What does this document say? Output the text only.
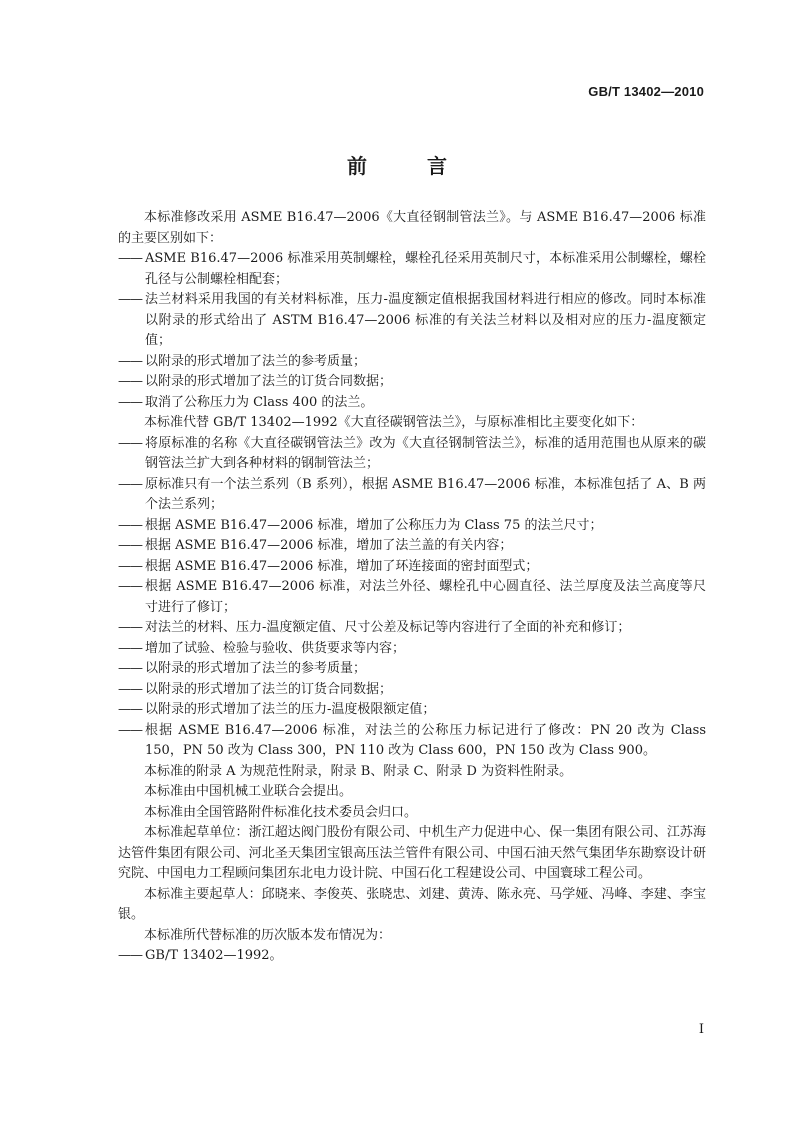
GB/T 13402—2010
前　言
本标准修改采用 ASME B16.47—2006《大直径钢制管法兰》。与 ASME B16.47—2006 标准的主要区别如下：
—— ASME B16.47—2006 标准采用英制螺栓，螺栓孔径采用英制尺寸，本标准采用公制螺栓，螺栓孔径与公制螺栓相配套；
—— 法兰材料采用我国的有关材料标准，压力-温度额定值根据我国材料进行相应的修改。同时本标准以附录的形式给出了 ASTM B16.47—2006 标准的有关法兰材料以及相对应的压力-温度额定值；
—— 以附录的形式增加了法兰的参考质量；
—— 以附录的形式增加了法兰的订货合同数据；
—— 取消了公称压力为 Class 400 的法兰。
本标准代替 GB/T 13402—1992《大直径碳钢管法兰》，与原标准相比主要变化如下：
—— 将原标准的名称《大直径碳钢管法兰》改为《大直径钢制管法兰》，标准的适用范围也从原来的碳钢管法兰扩大到各种材料的钢制管法兰；
—— 原标准只有一个法兰系列（B 系列），根据 ASME B16.47—2006 标准，本标准包括了 A、B 两个法兰系列；
—— 根据 ASME B16.47—2006 标准，增加了公称压力为 Class 75 的法兰尺寸；
—— 根据 ASME B16.47—2006 标准，增加了法兰盖的有关内容；
—— 根据 ASME B16.47—2006 标准，增加了环连接面的密封面型式；
—— 根据 ASME B16.47—2006 标准，对法兰外径、螺栓孔中心圆直径、法兰厚度及法兰高度等尺寸进行了修订；
—— 对法兰的材料、压力-温度额定值、尺寸公差及标记等内容进行了全面的补充和修订；
—— 增加了试验、检验与验收、供货要求等内容；
—— 以附录的形式增加了法兰的参考质量；
—— 以附录的形式增加了法兰的订货合同数据；
—— 以附录的形式增加了法兰的压力-温度极限额定值；
—— 根据 ASME B16.47—2006 标准，对法兰的公称压力标记进行了修改：PN 20 改为 Class 150，PN 50 改为 Class 300，PN 110 改为 Class 600，PN 150 改为 Class 900。
本标准的附录 A 为规范性附录，附录 B、附录 C、附录 D 为资料性附录。
本标准由中国机械工业联合会提出。
本标准由全国管路附件标准化技术委员会归口。
本标准起草单位：浙江超达阀门股份有限公司、中机生产力促进中心、保一集团有限公司、江苏海达管件集团有限公司、河北圣天集团宝银高压法兰管件有限公司、中国石油天然气集团华东勘察设计研究院、中国电力工程顾问集团东北电力设计院、中国石化工程建设公司、中国寰球工程公司。
本标准主要起草人：邱晓来、李俊英、张晓忠、刘建、黄涛、陈永亮、马学娅、冯峰、李建、李宝银。
本标准所代替标准的历次版本发布情况为：
—— GB/T 13402—1992。
I
